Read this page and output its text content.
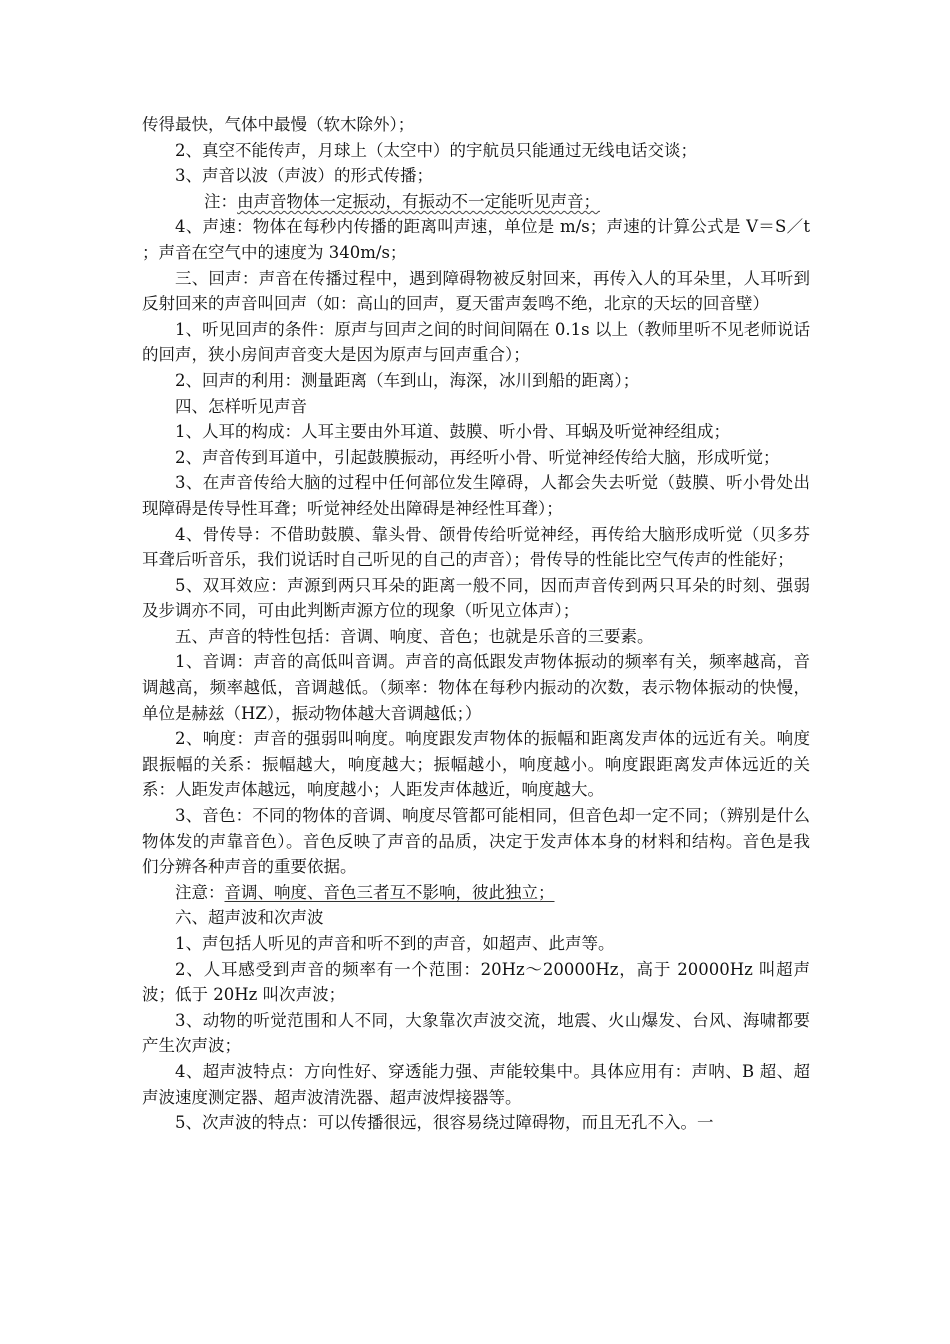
传得最快，气体中最慢（软木除外）；

2、真空不能传声，月球上（太空中）的宇航员只能通过无线电话交谈；

3、声音以波（声波）的形式传播；

注：由声音物体一定振动，有振动不一定能听见声音；

4、声速：物体在每秒内传播的距离叫声速，单位是 m/s；声速的计算公式是 V＝S／t ；声音在空气中的速度为 340m/s；

三、回声：声音在传播过程中，遇到障碍物被反射回来，再传入人的耳朵里，人耳听到反射回来的声音叫回声（如：高山的回声，夏天雷声轰鸣不绝，北京的天坛的回音壁）

1、听见回声的条件：原声与回声之间的时间间隔在 0.1s 以上（教师里听不见老师说话的回声，狭小房间声音变大是因为原声与回声重合）；

2、回声的利用：测量距离（车到山，海深，冰川到船的距离）；

四、怎样听见声音

1、人耳的构成：人耳主要由外耳道、鼓膜、听小骨、耳蜗及听觉神经组成；

2、声音传到耳道中，引起鼓膜振动，再经听小骨、听觉神经传给大脑，形成听觉；

3、在声音传给大脑的过程中任何部位发生障碍，人都会失去听觉（鼓膜、听小骨处出现障碍是传导性耳聋；听觉神经处出障碍是神经性耳聋）；

4、骨传导：不借助鼓膜、靠头骨、颌骨传给听觉神经，再传给大脑形成听觉（贝多芬耳聋后听音乐，我们说话时自己听见的自己的声音）；骨传导的性能比空气传声的性能好；

5、双耳效应：声源到两只耳朵的距离一般不同，因而声音传到两只耳朵的时刻、强弱及步调亦不同，可由此判断声源方位的现象（听见立体声）；

五、声音的特性包括：音调、响度、音色；也就是乐音的三要素。

1、音调：声音的高低叫音调。声音的高低跟发声物体振动的频率有关，频率越高，音调越高，频率越低，音调越低。（频率：物体在每秒内振动的次数，表示物体振动的快慢，单位是赫兹（HZ），振动物体越大音调越低；）

2、响度：声音的强弱叫响度。响度跟发声物体的振幅和距离发声体的远近有关。响度跟振幅的关系：振幅越大，响度越大；振幅越小，响度越小。响度跟距离发声体远近的关系：人距发声体越远，响度越小；人距发声体越近，响度越大。

3、音色：不同的物体的音调、响度尽管都可能相同，但音色却一定不同；（辨别是什么物体发的声靠音色）。音色反映了声音的品质，决定于发声体本身的材料和结构。音色是我们分辨各种声音的重要依据。

注意：音调、响度、音色三者互不影响，彼此独立；

六、超声波和次声波

1、声包括人听见的声音和听不到的声音，如超声、此声等。

2、人耳感受到声音的频率有一个范围：20Hz～20000Hz，高于 20000Hz 叫超声波；低于 20Hz 叫次声波；

3、动物的听觉范围和人不同，大象靠次声波交流，地震、火山爆发、台风、海啸都要产生次声波；

4、超声波特点：方向性好、穿透能力强、声能较集中。具体应用有：声呐、B 超、超声波速度测定器、超声波清洗器、超声波焊接器等。

5、次声波的特点：可以传播很远，很容易绕过障碍物，而且无孔不入。一
